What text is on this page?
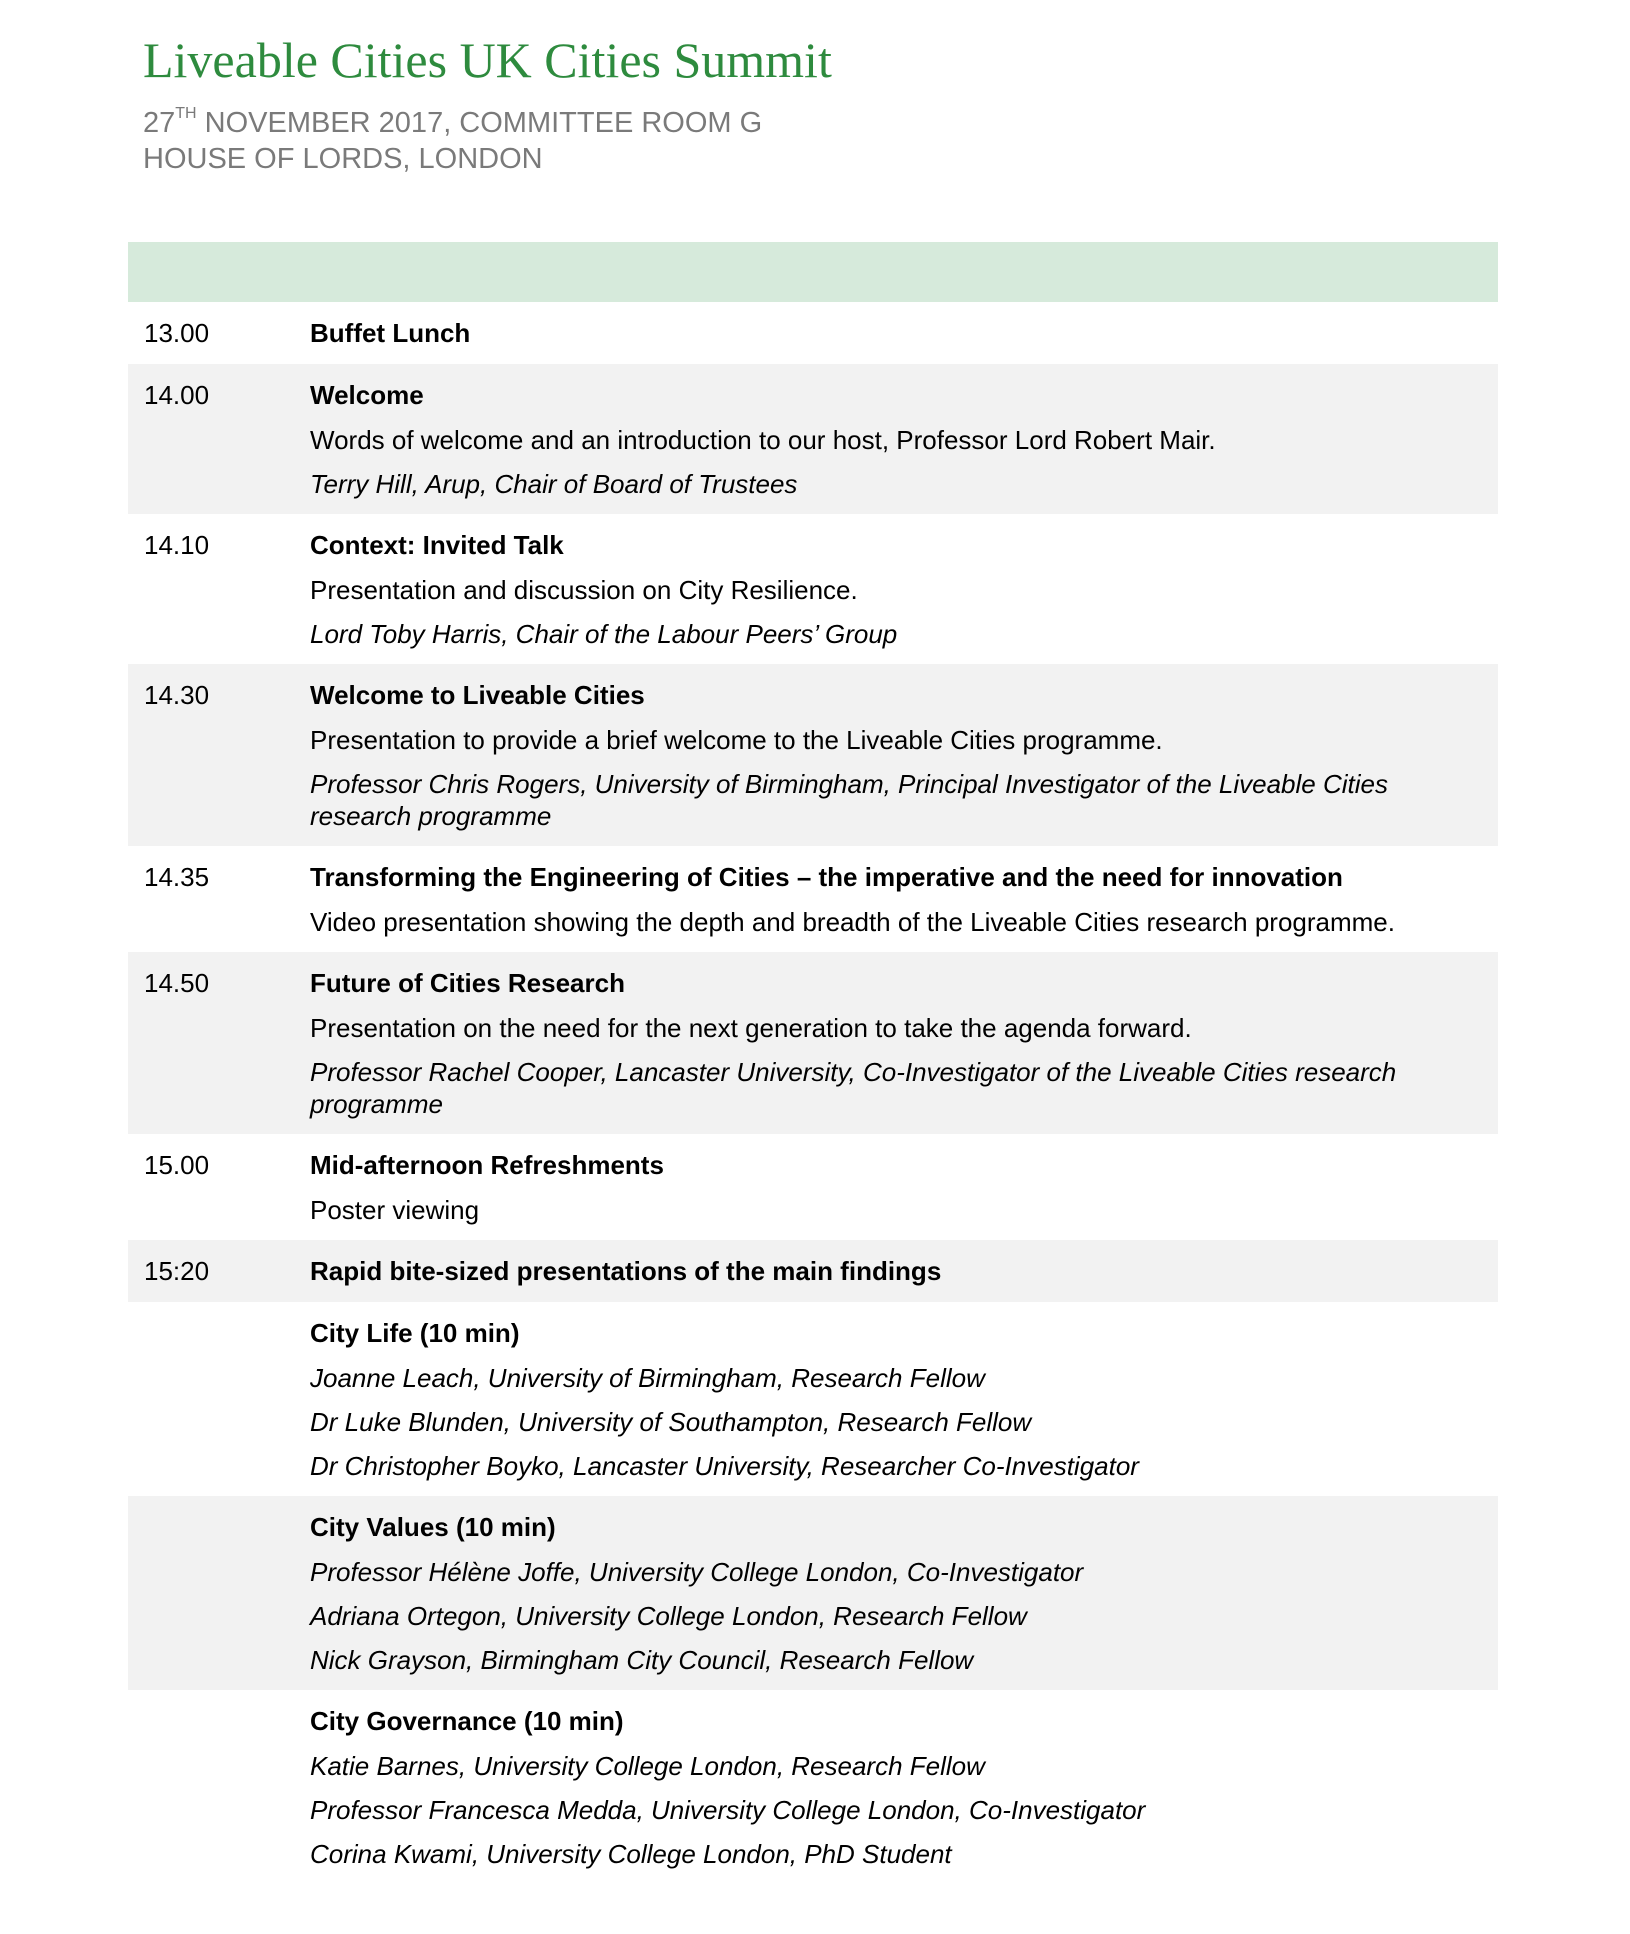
Liveable Cities UK Cities Summit
27TH NOVEMBER 2017, COMMITTEE ROOM G
HOUSE OF LORDS, LONDON
13.00	Buffet Lunch
14.00	Welcome
Words of welcome and an introduction to our host, Professor Lord Robert Mair.
Terry Hill, Arup, Chair of Board of Trustees
14.10	Context: Invited Talk
Presentation and discussion on City Resilience.
Lord Toby Harris, Chair of the Labour Peers’ Group
14.30	Welcome to Liveable Cities
Presentation to provide a brief welcome to the Liveable Cities programme.
Professor Chris Rogers, University of Birmingham, Principal Investigator of the Liveable Cities research programme
14.35	Transforming the Engineering of Cities – the imperative and the need for innovation
Video presentation showing the depth and breadth of the Liveable Cities research programme.
14.50	Future of Cities Research
Presentation on the need for the next generation to take the agenda forward.
Professor Rachel Cooper, Lancaster University, Co-Investigator of the Liveable Cities research programme
15.00	Mid-afternoon Refreshments
Poster viewing
15:20	Rapid bite-sized presentations of the main findings
City Life (10 min)
Joanne Leach, University of Birmingham, Research Fellow
Dr Luke Blunden, University of Southampton, Research Fellow
Dr Christopher Boyko, Lancaster University, Researcher Co-Investigator
City Values (10 min)
Professor Hélène Joffe, University College London, Co-Investigator
Adriana Ortegon, University College London, Research Fellow
Nick Grayson, Birmingham City Council, Research Fellow
City Governance (10 min)
Katie Barnes, University College London, Research Fellow
Professor Francesca Medda, University College London, Co-Investigator
Corina Kwami, University College London, PhD Student
